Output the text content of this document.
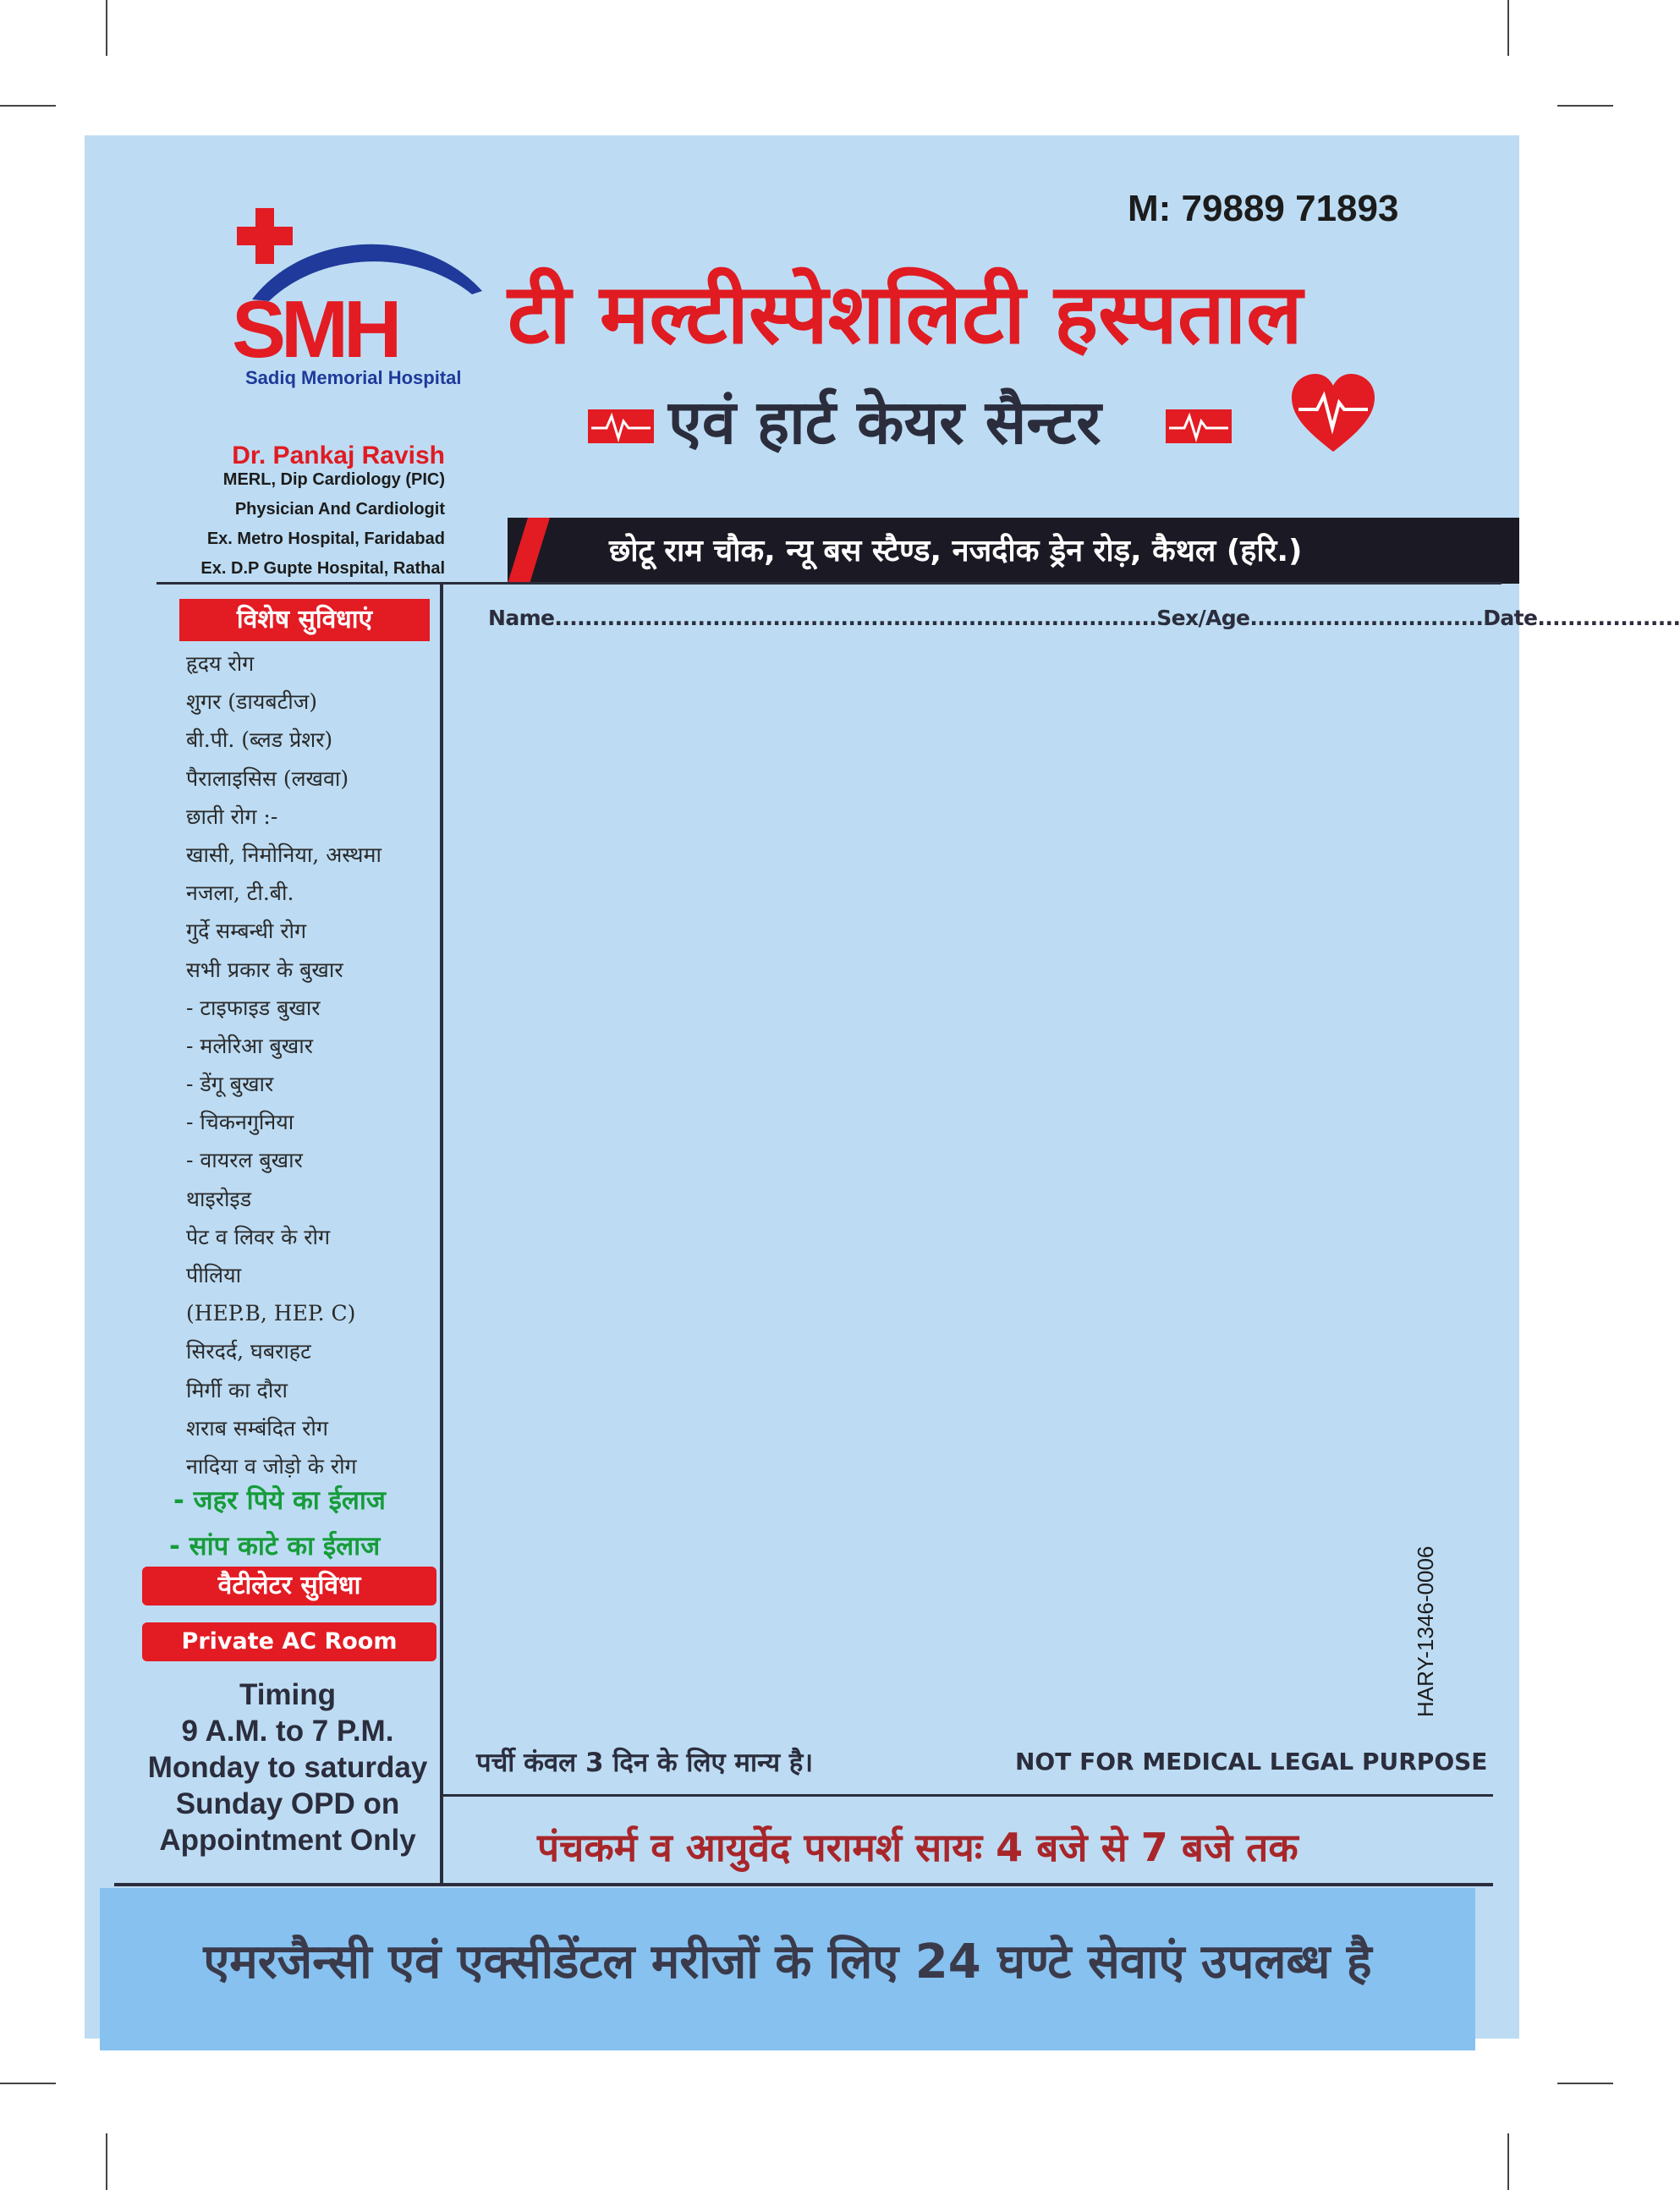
M: 79889 71893
SMH
Sadiq Memorial Hospital
टी मल्टीस्पेशलिटी हस्पताल
एवं हार्ट केयर सैन्टर
Dr. Pankaj Ravish
MERL, Dip Cardiology (PIC)
Physician And Cardiologit
Ex. Metro Hospital, Faridabad
Ex. D.P Gupte Hospital, Rathal	छोटू राम चौक, न्यू बस स्टैण्ड, नजदीक ड्रेन रोड़, कैथल (हरि.)
विशेष सुविधाएं
हृदय रोग
शुगर (डायबटीज)
बी.पी. (ब्लड प्रेशर)
पैरालाइसिस (लखवा)
छाती रोग :-
खासी, निमोनिया, अस्थमा
नजला, टी.बी.
गुर्दे सम्बन्धी रोग
सभी प्रकार के बुखार
- टाइफाइड बुखार
- मलेरिआ बुखार
- डेंगू बुखार
- चिकनगुनिया
- वायरल बुखार
थाइरोइड
पेट व लिवर के रोग
पीलिया
(HEP.B, HEP. C)
सिरदर्द, घबराहट
मिर्गी का दौरा
शराब सम्बंदित रोग
नादिया व जोड़ो के रोग
- जहर पिये का ईलाज
- सांप काटे का ईलाज
वैटीलेटर सुविधा
Private AC Room
Timing
9 A.M. to 7 P.M.
Monday to saturday
Sunday OPD on
Appointment Only
Name................................................................................Sex/Age...............................Date...................
HARY-1346-0006
पर्ची कंवल 3 दिन के लिए मान्य है।	NOT FOR MEDICAL LEGAL PURPOSE
पंचकर्म व आयुर्वेद परामर्श सायः 4 बजे से 7 बजे तक
एमरजैन्सी एवं एक्सीडेंटल मरीजों के लिए 24 घण्टे सेवाएं उपलब्ध है
